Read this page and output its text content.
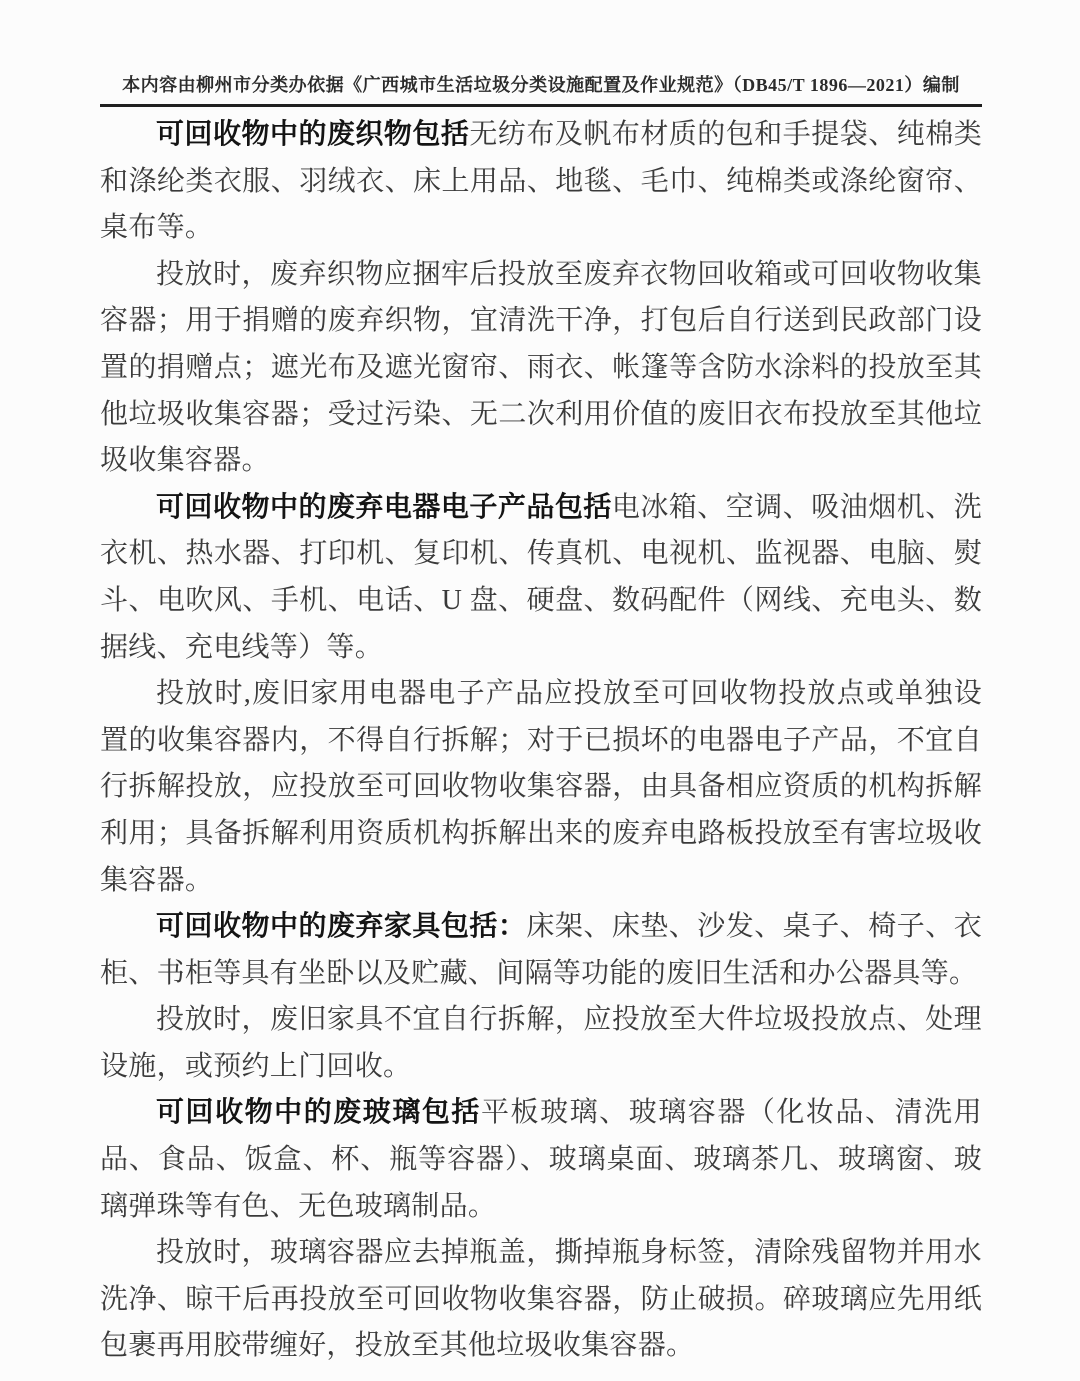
本内容由柳州市分类办依据《广西城市生活垃圾分类设施配置及作业规范》（DB45/T 1896—2021）编制

可回收物中的废织物包括无纺布及帆布材质的包和手提袋、纯棉类和涤纶类衣服、羽绒衣、床上用品、地毯、毛巾、纯棉类或涤纶窗帘、桌布等。

投放时，废弃织物应捆牢后投放至废弃衣物回收箱或可回收物收集容器；用于捐赠的废弃织物，宜清洗干净，打包后自行送到民政部门设置的捐赠点；遮光布及遮光窗帘、雨衣、帐篷等含防水涂料的投放至其他垃圾收集容器；受过污染、无二次利用价值的废旧衣布投放至其他垃圾收集容器。

可回收物中的废弃电器电子产品包括电冰箱、空调、吸油烟机、洗衣机、热水器、打印机、复印机、传真机、电视机、监视器、电脑、熨斗、电吹风、手机、电话、U 盘、硬盘、数码配件（网线、充电头、数据线、充电线等）等。

投放时,废旧家用电器电子产品应投放至可回收物投放点或单独设置的收集容器内，不得自行拆解；对于已损坏的电器电子产品，不宜自行拆解投放，应投放至可回收物收集容器，由具备相应资质的机构拆解利用；具备拆解利用资质机构拆解出来的废弃电路板投放至有害垃圾收集容器。

可回收物中的废弃家具包括：床架、床垫、沙发、桌子、椅子、衣柜、书柜等具有坐卧以及贮藏、间隔等功能的废旧生活和办公器具等。

投放时，废旧家具不宜自行拆解，应投放至大件垃圾投放点、处理设施，或预约上门回收。

可回收物中的废玻璃包括平板玻璃、玻璃容器（化妆品、清洗用品、食品、饭盒、杯、瓶等容器）、玻璃桌面、玻璃茶几、玻璃窗、玻璃弹珠等有色、无色玻璃制品。

投放时，玻璃容器应去掉瓶盖，撕掉瓶身标签，清除残留物并用水洗净、晾干后再投放至可回收物收集容器，防止破损。碎玻璃应先用纸包裹再用胶带缠好，投放至其他垃圾收集容器。
